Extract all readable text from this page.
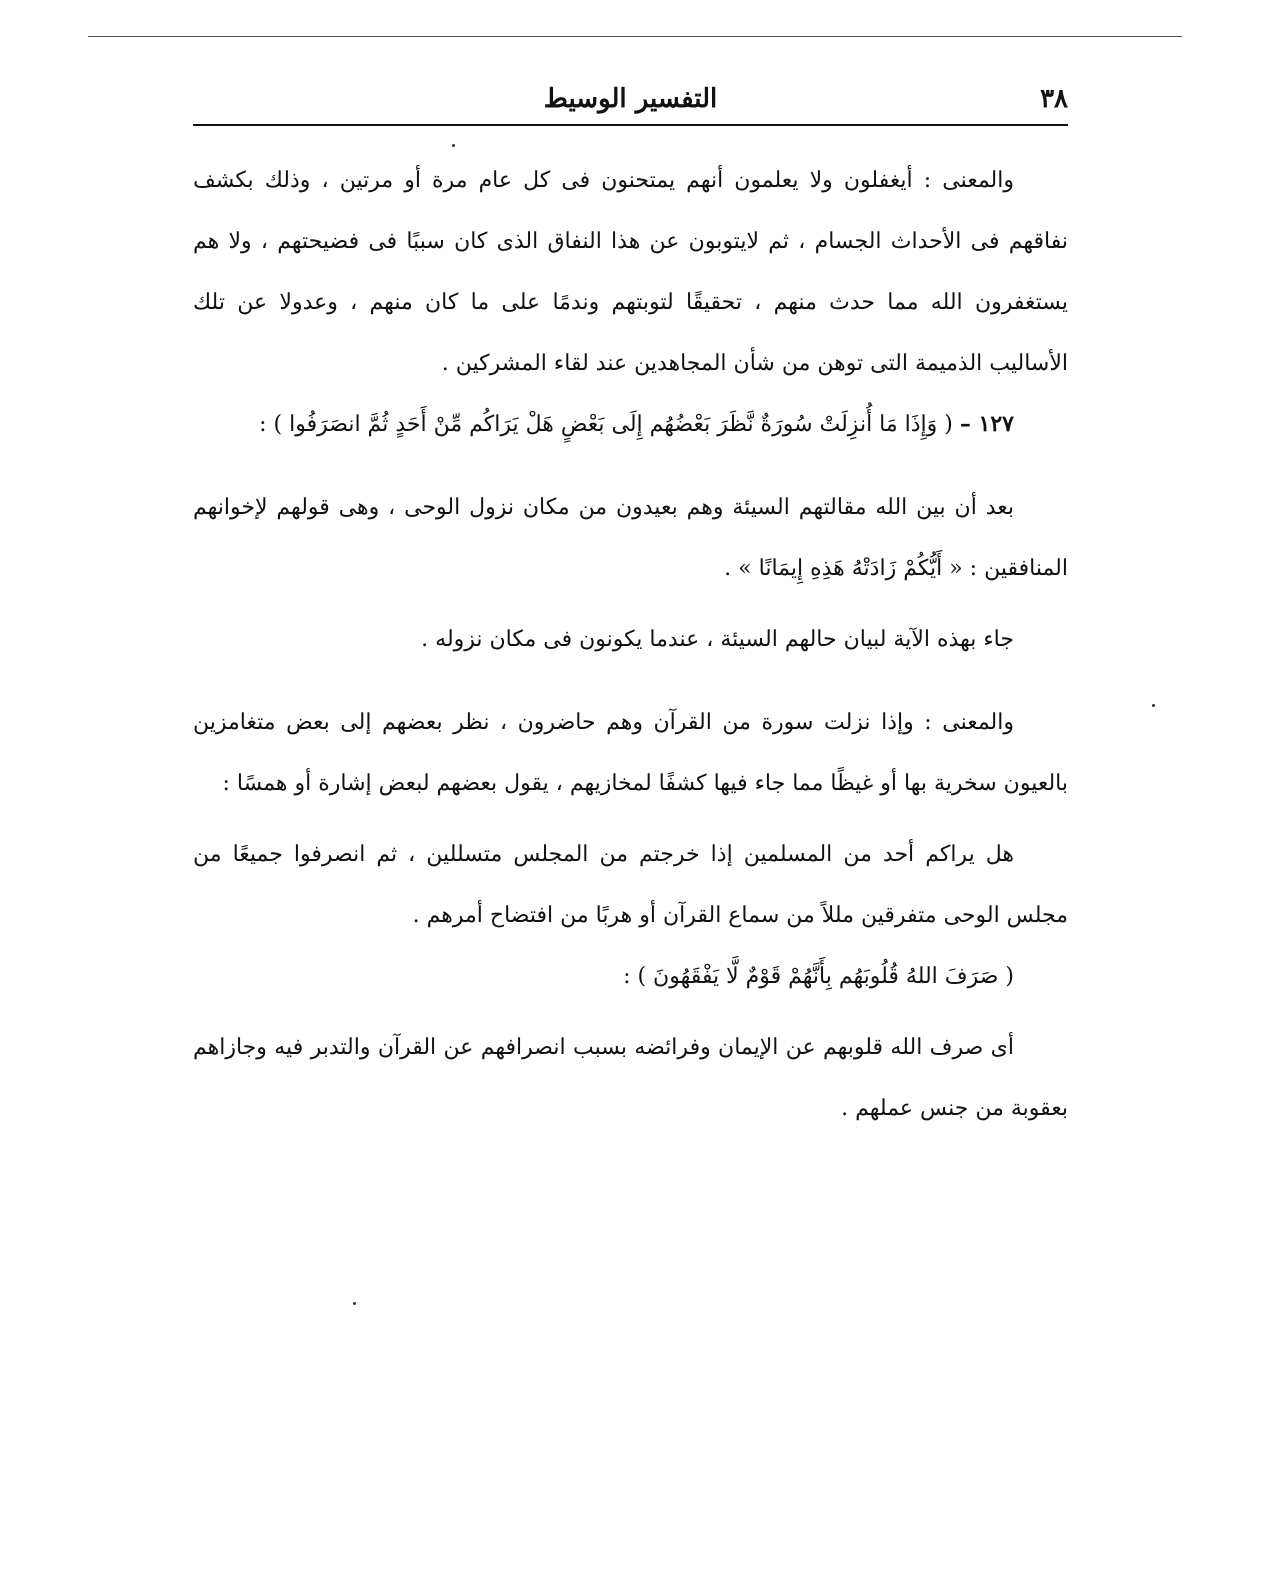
٣٨
التفسير الوسيط

والمعنى : أيغفلون ولا يعلمون أنهم يمتحنون فى كل عام مرة أو مرتين ، وذلك بكشف نفاقهم فى الأحداث الجسام ، ثم لايتوبون عن هذا النفاق الذى كان سببًا فى فضيحتهم ، ولا هم يستغفرون الله مما حدث منهم ، تحقيقًا لتوبتهم وندمًا على ما كان منهم ، وعدولا عن تلك الأساليب الذميمة التى توهن من شأن المجاهدين عند لقاء المشركين .

١٢٧ – ( وَإِذَا مَا أُنزِلَتْ سُورَةٌ نَّظَرَ بَعْضُهُم إِلَى بَعْضٍ هَلْ يَرَاكُم مِّنْ أَحَدٍ ثُمَّ انصَرَفُوا ) :

بعد أن بين الله مقالتهم السيئة وهم بعيدون من مكان نزول الوحى ، وهى قولهم لإخوانهم المنافقين : « أَيُّكُمْ زَادَتْهُ هَذِهِ إِيمَانًا » .

جاء بهذه الآية لبيان حالهم السيئة ، عندما يكونون فى مكان نزوله .

والمعنى : وإذا نزلت سورة من القرآن وهم حاضرون ، نظر بعضهم إلى بعض متغامزين بالعيون سخرية بها أو غيظًا مما جاء فيها كشفًا لمخازيهم ، يقول بعضهم لبعض إشارة أو همسًا :

هل يراكم أحد من المسلمين إذا خرجتم من المجلس متسللين ، ثم انصرفوا جميعًا من مجلس الوحى متفرقين مللاً من سماع القرآن أو هربًا من افتضاح أمرهم .

( صَرَفَ اللهُ قُلُوبَهُم بِأَنَّهُمْ قَوْمٌ لَّا يَفْقَهُونَ ) :

أى صرف الله قلوبهم عن الإيمان وفرائضه بسبب انصرافهم عن القرآن والتدبر فيه وجازاهم بعقوبة من جنس عملهم .
